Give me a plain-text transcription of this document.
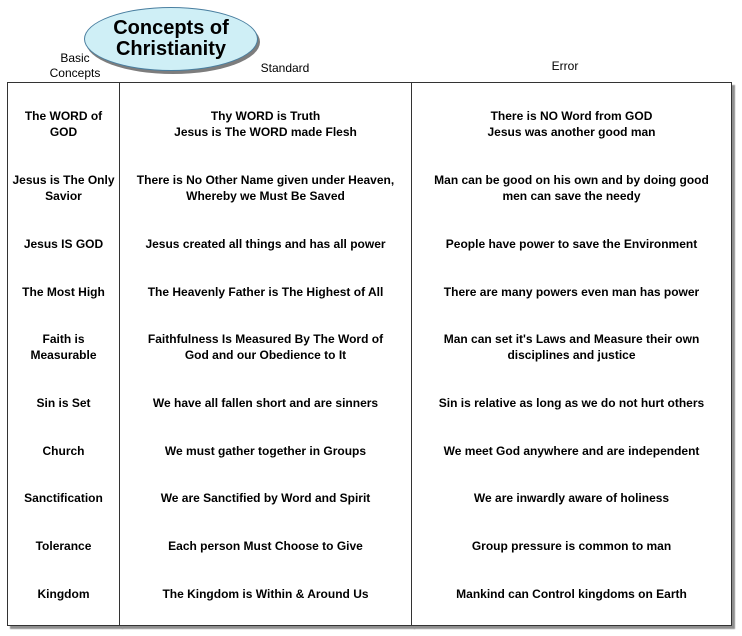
Concepts of
Christianity
Basic
Concepts	Standard	Error
The WORD of
GOD
Jesus is The Only
Savior
Jesus IS GOD
The Most High
Faith is
Measurable
Sin is Set
Church
Sanctification
Tolerance
Kingdom
Thy WORD is Truth
Jesus is The WORD made Flesh
There is No Other Name given under Heaven,
Whereby we Must Be Saved
Jesus created all things and has all power
The Heavenly Father is The Highest of All
Faithfulness Is Measured By The Word of
God and our Obedience to It
We have all fallen short and are sinners
We must gather together in Groups
We are Sanctified by Word and Spirit
Each person Must Choose to Give
The Kingdom is Within & Around Us
There is NO Word from GOD
Jesus was another good man
Man can be good on his own and by doing good
men can save the needy
People have power to save the Environment
There are many powers even man has power
Man can set it's Laws and Measure their own
disciplines and justice
Sin is relative as long as we do not hurt others
We meet God anywhere and are independent
We are inwardly aware of holiness
Group pressure is common to man
Mankind can Control kingdoms on Earth
